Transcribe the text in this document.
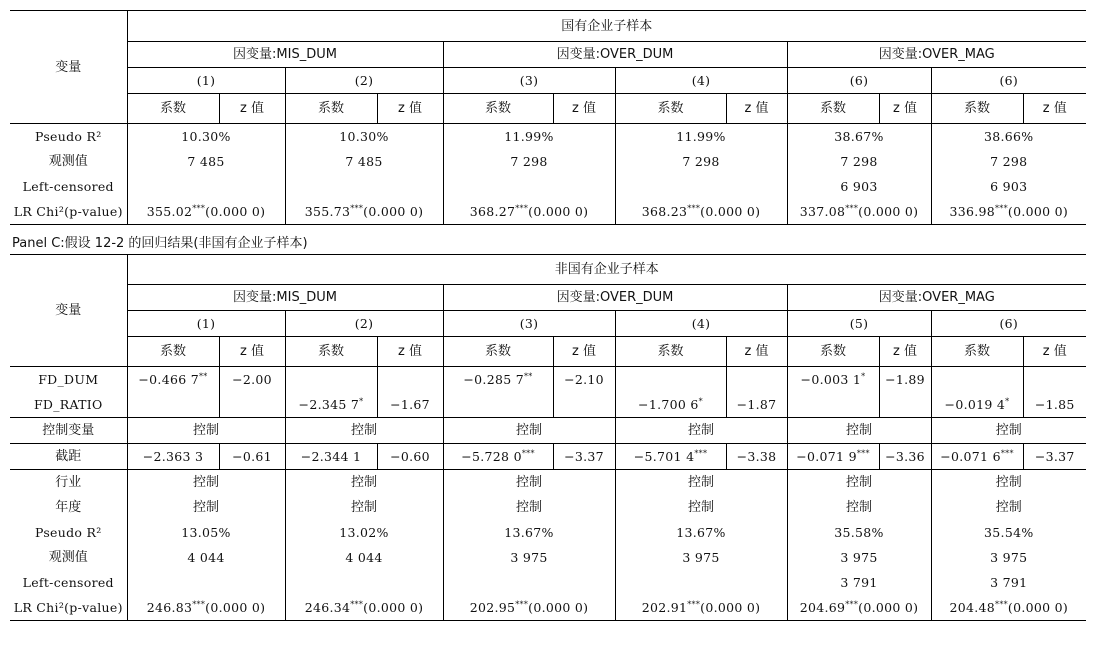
变量	国有企业子样本											
	因变量:MIS_DUM				因变量:OVER_DUM				因变量:OVER_MAG			
	(1)		(2)		(3)		(4)		(6)		(6)	
	系数	z 值	系数	z 值	系数	z 值	系数	z 值	系数	z 值	系数	z 值
Pseudo R²	10.30%		10.30%		11.99%		11.99%		38.67%		38.66%	
观测值	7 485		7 485		7 298		7 298		7 298		7 298	
Left-censored									6 903		6 903	
LR Chi²(p-value)	355.02***(0.000 0)		355.73***(0.000 0)		368.27***(0.000 0)		368.23***(0.000 0)		337.08***(0.000 0)		336.98***(0.000 0)	
Panel C:假设 12-2 的回归结果(非国有企业子样本)
变量	非国有企业子样本											
	因变量:MIS_DUM				因变量:OVER_DUM				因变量:OVER_MAG			
	(1)		(2)		(3)		(4)		(5)		(6)	
	系数	z 值	系数	z 值	系数	z 值	系数	z 值	系数	z 值	系数	z 值
FD_DUM	−0.466 7**	−2.00			−0.285 7**	−2.10			−0.003 1*	−1.89		
FD_RATIO			−2.345 7*	−1.67			−1.700 6*	−1.87			−0.019 4*	−1.85
控制变量	控制		控制		控制		控制		控制		控制	
截距	−2.363 3	−0.61	−2.344 1	−0.60	−5.728 0***	−3.37	−5.701 4***	−3.38	−0.071 9***	−3.36	−0.071 6***	−3.37
行业	控制		控制		控制		控制		控制		控制	
年度	控制		控制		控制		控制		控制		控制	
Pseudo R²	13.05%		13.02%		13.67%		13.67%		35.58%		35.54%	
观测值	4 044		4 044		3 975		3 975		3 975		3 975	
Left-censored									3 791		3 791	
LR Chi²(p-value)	246.83***(0.000 0)		246.34***(0.000 0)		202.95***(0.000 0)		202.91***(0.000 0)		204.69***(0.000 0)		204.48***(0.000 0)	
